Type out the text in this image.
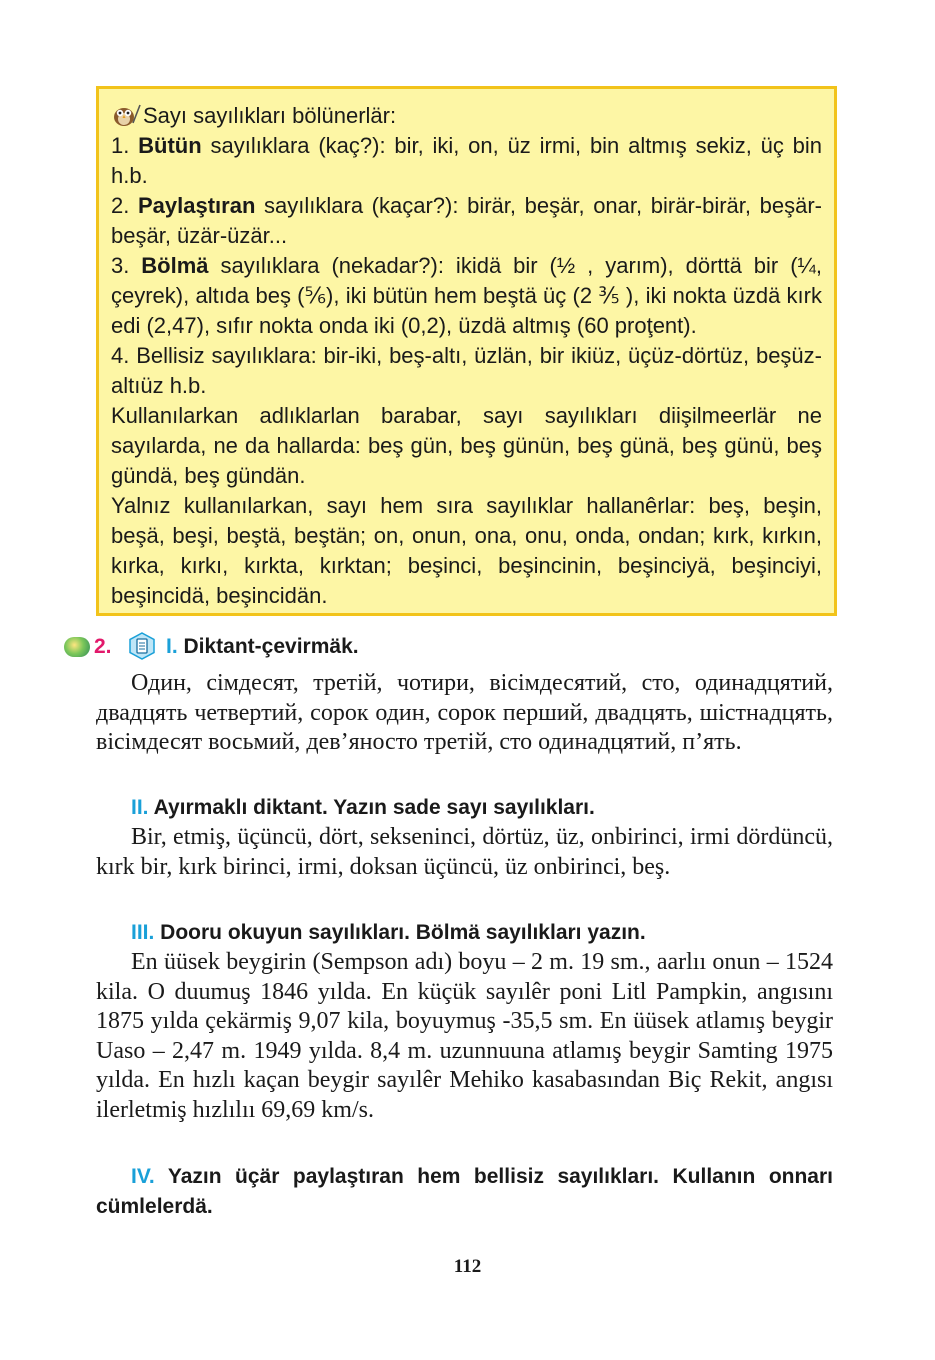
Sayı sayılıkları bölünerlär:

1. Bütün sayılıklara (kaç?): bir, iki, on, üz irmi, bin altmış sekiz, üç bin h.b.

2. Paylaştıran sayılıklara (kaçar?): birär, beşär, onar, birär-birär, beşär-beşär, üzär-üzär...

3. Bölmä sayılıklara (nekadar?): ikidä bir (½ , yarım), dörttä bir (¼, çeyrek), altıda beş (⅚), iki bütün hem beştä üç (2 ⅗ ), iki nokta üzdä kırk edi (2,47), sıfır nokta onda iki (0,2), üzdä altmış (60 proţent).

4. Bellisiz sayılıklara: bir-iki, beş-altı, üzlän, bir ikiüz, üçüz-dörtüz, beşüz-altıüz h.b.

Kullanılarkan adlıklarlan barabar, sayı sayılıkları diişilmeerlär ne sayılarda, ne da hallarda: beş gün, beş günün, beş günä, beş günü, beş gündä, beş gündän.

Yalnız kullanılarkan, sayı hem sıra sayılıklar hallanêrlar: beş, beşin, beşä, beşi, beştä, beştän; on, onun, ona, onu, onda, ondan; kırk, kırkın, kırka, kırkı, kırkta, kırktan; beşinci, beşincinin, beşinciyä, beşinciyi, beşincidä, beşincidän.

2.	I. Diktant-çevirmäk.

Один, сімдесят, третій, чотири, вісімдесятий, сто, одинадцятий, двадцять четвертий, сорок один, сорок перший, двадцять, шістнадцять, вісімдесят восьмий, дев’яносто третій, сто одинадцятий, п’ять.

II. Ayırmaklı diktant. Yazın sade sayı sayılıkları.

Bir, etmiş, üçüncü, dört, sekseninci, dörtüz, üz, onbirinci, irmi dördüncü, kırk bir, kırk birinci, irmi, doksan üçüncü, üz onbirinci, beş.

III. Dooru okuyun sayılıkları. Bölmä sayılıkları yazın.

En üüsek beygirin (Sempson adı) boyu – 2 m. 19 sm., aarlıı onun – 1524 kila. O duumuş 1846 yılda. En küçük sayılêr poni Litl Pampkin, angısını 1875 yılda çekärmiş 9,07 kila, boyuymuş -35,5 sm. En üüsek atlamış beygir Uaso – 2,47 m. 1949 yılda. 8,4 m. uzunnuuna atlamış beygir Samting 1975 yılda. En hızlı kaçan beygir sayılêr Mehiko kasabasından Biç Rekit, angısı ilerletmiş hızlılıı 69,69 km/s.

IV. Yazın üçär paylaştıran hem bellisiz sayılıkları. Kullanın onnarı cümlelerdä.

112
